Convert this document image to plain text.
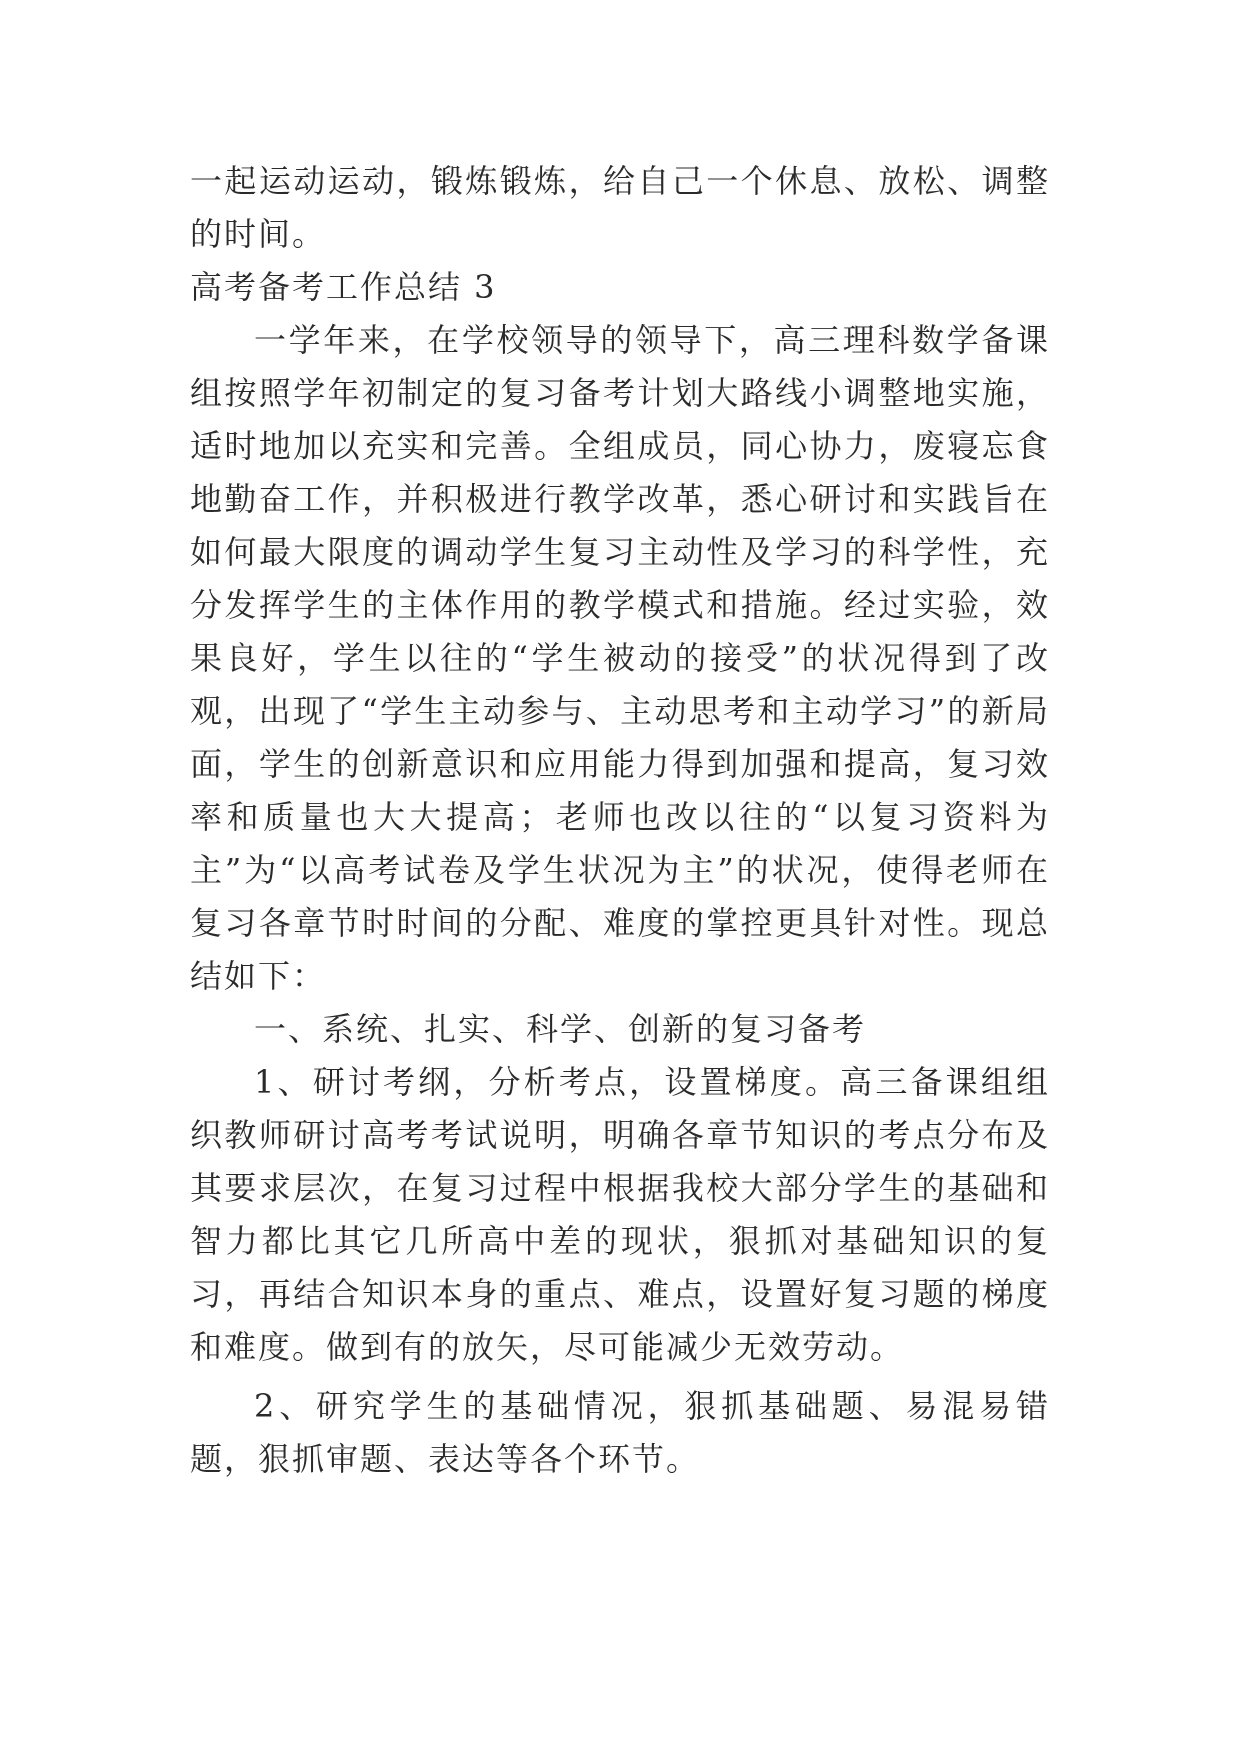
一起运动运动，锻炼锻炼，给自己一个休息、放松、调整的时间。

高考备考工作总结 3

一学年来，在学校领导的领导下，高三理科数学备课组按照学年初制定的复习备考计划大路线小调整地实施，适时地加以充实和完善。全组成员，同心协力，废寝忘食地勤奋工作，并积极进行教学改革，悉心研讨和实践旨在如何最大限度的调动学生复习主动性及学习的科学性，充分发挥学生的主体作用的教学模式和措施。经过实验，效果良好，学生以往的“学生被动的接受”的状况得到了改观，出现了“学生主动参与、主动思考和主动学习”的新局面，学生的创新意识和应用能力得到加强和提高，复习效率和质量也大大提高；老师也改以往的“以复习资料为主”为“以高考试卷及学生状况为主”的状况，使得老师在复习各章节时时间的分配、难度的掌控更具针对性。现总结如下：

一、系统、扎实、科学、创新的复习备考

1、研讨考纲，分析考点，设置梯度。高三备课组组织教师研讨高考考试说明，明确各章节知识的考点分布及其要求层次，在复习过程中根据我校大部分学生的基础和智力都比其它几所高中差的现状，狠抓对基础知识的复习，再结合知识本身的重点、难点，设置好复习题的梯度和难度。做到有的放矢，尽可能减少无效劳动。

2、研究学生的基础情况，狠抓基础题、易混易错题，狠抓审题、表达等各个环节。
